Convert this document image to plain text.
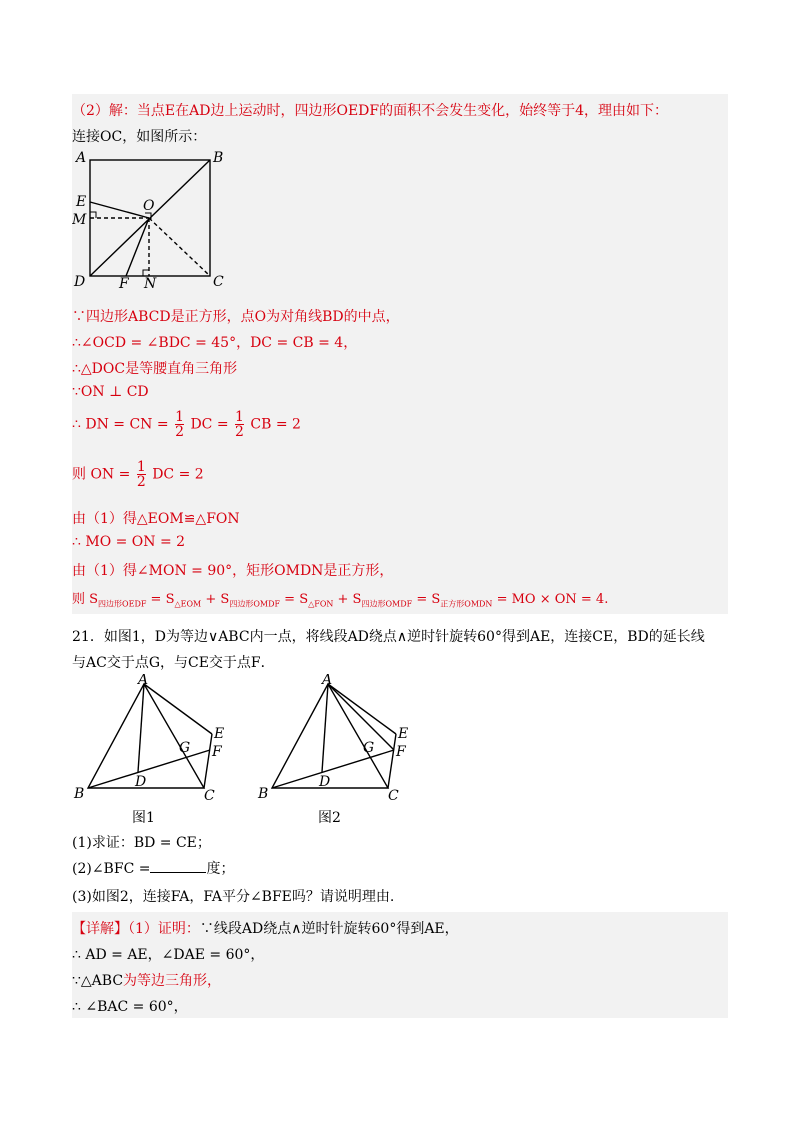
（2）解：当点E在AD边上运动时，四边形OEDF的面积不会发生变化，始终等于4，理由如下：
连接OC，如图所示：
A	B
E
M
O
D F N	C
∵四边形ABCD是正方形，点O为对角线BD的中点，
∴∠OCD = ∠BDC = 45°，DC = CB = 4，
∴△DOC是等腰直角三角形
∵ON ⊥ CD
∴ DN = CN = $\frac{1}{2}$ DC = $\frac{1}{2}$ CB = 2
则 ON = $\frac{1}{2}$ DC = 2
由（1）得△EOM≌△FON
∴ MO = ON = 2
由（1）得∠MON = 90°，矩形OMDN是正方形，
则 $S_{四边形OEDF} = S_{\triangle EOM} + S_{四边形OMDF} = S_{\triangle FON} + S_{四边形OMDF} = S_{正方形OMDN}$ = MO × ON = 4.
21．如图1，D为等边∨ABC内一点，将线段AD绕点∧逆时针旋转60°得到AE，连接CE，BD的延长线
与AC交于点G，与CE交于点F．
A
B	C
D
E
F
G
图1
A
B	C
D
E
F
G
图2
(1)求证：BD = CE；
(2)∠BFC =	度；
(3)如图2，连接FA，FA平分∠BFE吗？请说明理由.
【详解】（1）证明：∵线段AD绕点∧逆时针旋转60°得到AE，
∴ AD = AE，∠DAE = 60°，
∵△ABC为等边三角形，
∴ ∠BAC = 60°，
